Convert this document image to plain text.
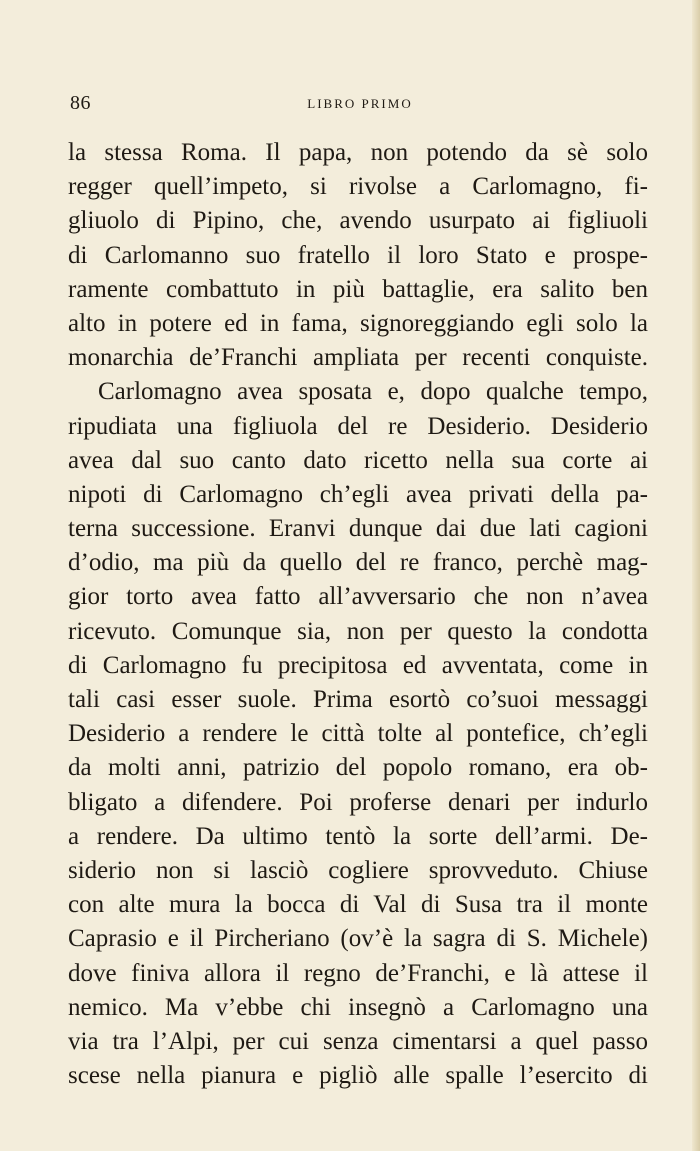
86	LIBRO PRIMO
la stessa Roma. Il papa, non potendo da sè solo
regger quell’impeto, si rivolse a Carlomagno, fi-
gliuolo di Pipino, che, avendo usurpato ai figliuoli
di Carlomanno suo fratello il loro Stato e prospe-
ramente combattuto in più battaglie, era salito ben
alto in potere ed in fama, signoreggiando egli solo la
monarchia de’Franchi ampliata per recenti conquiste.
Carlomagno avea sposata e, dopo qualche tempo,
ripudiata una figliuola del re Desiderio. Desiderio
avea dal suo canto dato ricetto nella sua corte ai
nipoti di Carlomagno ch’egli avea privati della pa-
terna successione. Eranvi dunque dai due lati cagioni
d’odio, ma più da quello del re franco, perchè mag-
gior torto avea fatto all’avversario che non n’avea
ricevuto. Comunque sia, non per questo la condotta
di Carlomagno fu precipitosa ed avventata, come in
tali casi esser suole. Prima esortò co’suoi messaggi
Desiderio a rendere le città tolte al pontefice, ch’egli
da molti anni, patrizio del popolo romano, era ob-
bligato a difendere. Poi proferse denari per indurlo
a rendere. Da ultimo tentò la sorte dell’armi. De-
siderio non si lasciò cogliere sprovveduto. Chiuse
con alte mura la bocca di Val di Susa tra il monte
Caprasio e il Pircheriano (ov’è la sagra di S. Michele)
dove finiva allora il regno de’Franchi, e là attese il
nemico. Ma v’ebbe chi insegnò a Carlomagno una
via tra l’Alpi, per cui senza cimentarsi a quel passo
scese nella pianura e pigliò alle spalle l’esercito di
